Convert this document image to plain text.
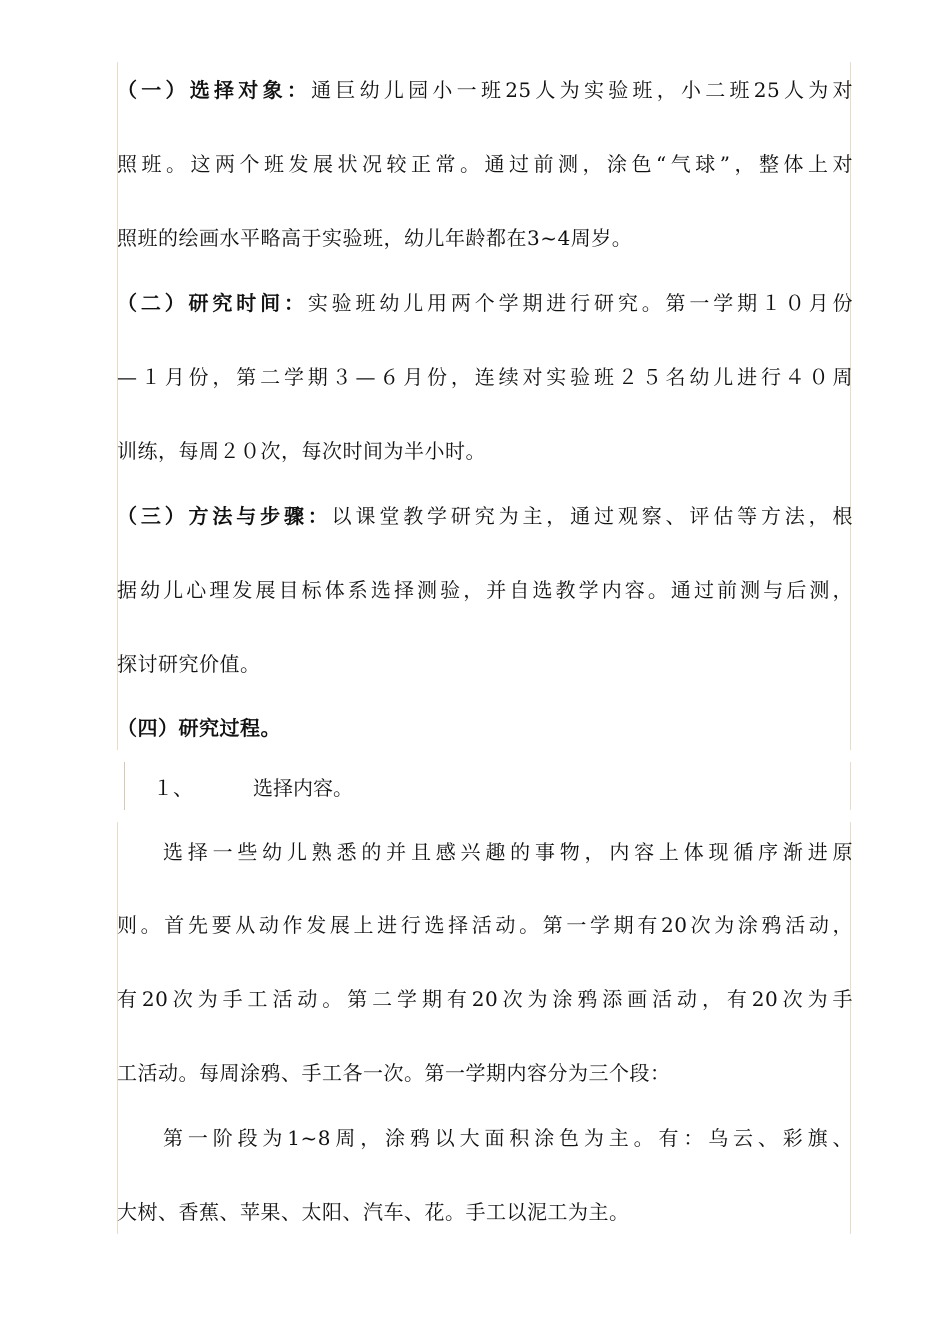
（一）选择对象：通巨幼儿园小一班25人为实验班，小二班25人为对
照班。这两个班发展状况较正常。通过前测，涂色“气球”，整体上对
照班的绘画水平略高于实验班，幼儿年龄都在3~4周岁。
（二）研究时间：实验班幼儿用两个学期进行研究。第一学期１０月份
—１月份，第二学期３—６月份，连续对实验班２５名幼儿进行４０周
训练，每周２０次，每次时间为半小时。
（三）方法与步骤：以课堂教学研究为主，通过观察、评估等方法，根
据幼儿心理发展目标体系选择测验，并自选教学内容。通过前测与后测，
探讨研究价值。
（四）研究过程。
１、	选择内容。
选择一些幼儿熟悉的并且感兴趣的事物，内容上体现循序渐进原
则。首先要从动作发展上进行选择活动。第一学期有20次为涂鸦活动，
有20次为手工活动。第二学期有20次为涂鸦添画活动，有20次为手
工活动。每周涂鸦、手工各一次。第一学期内容分为三个段：
第一阶段为1~8周，涂鸦以大面积涂色为主。有：乌云、彩旗、
大树、香蕉、苹果、太阳、汽车、花。手工以泥工为主。
